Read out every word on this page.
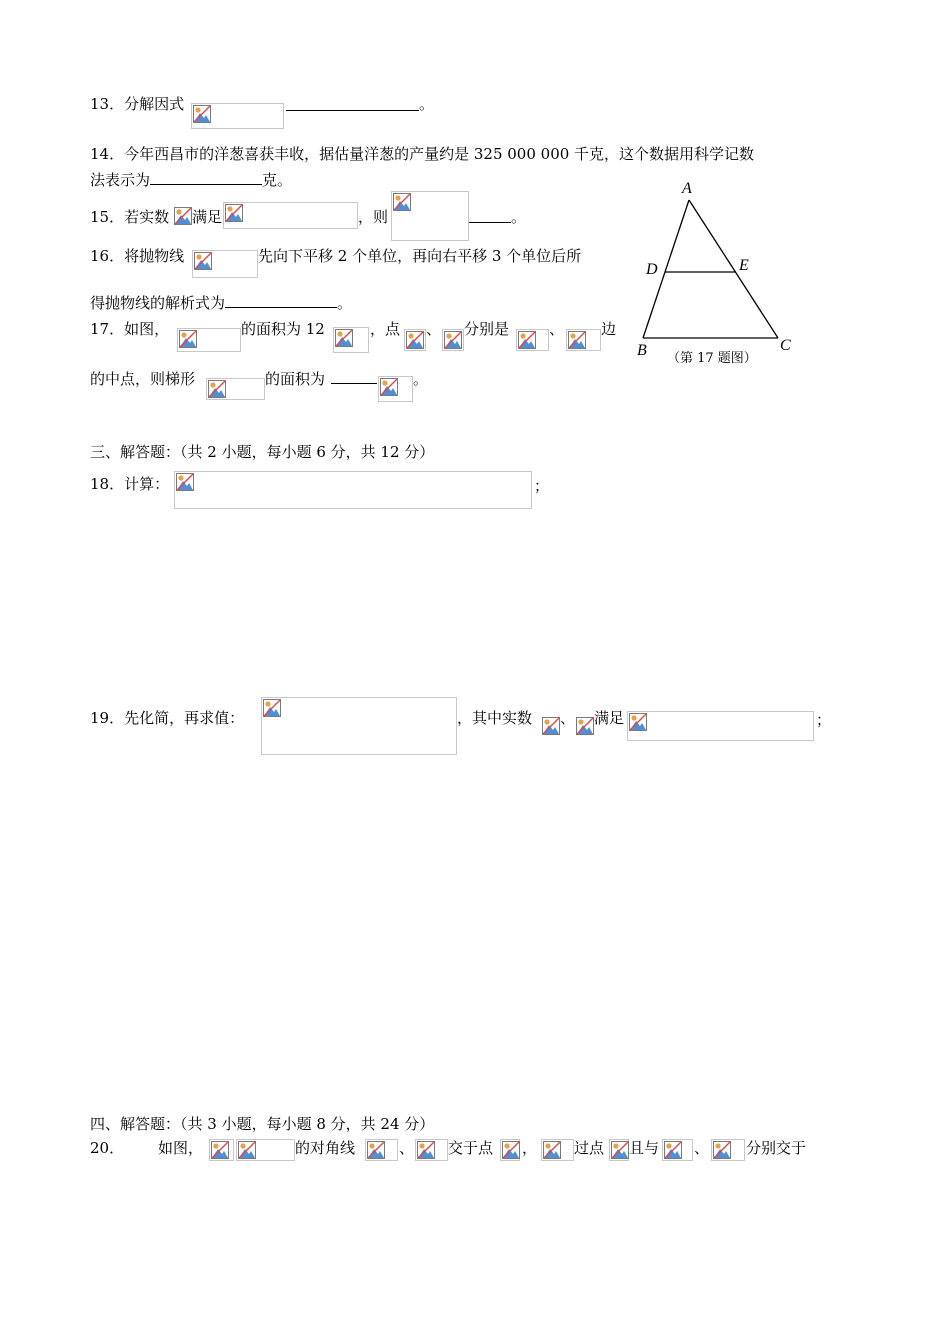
13．分解因式	。
14．今年西昌市的洋葱喜获丰收，据估量洋葱的产量约是 325 000 000 千克，这个数据用科学记数
法表示为	克。
15．若实数 满足	，则	。
16．将抛物线	先向下平移 2 个单位，再向右平移 3 个单位后所
得抛物线的解析式为	。
17．如图，	的面积为 12	，点 、 分别是	、 边
的中点，则梯形	的面积为	。
A
D	E
B	C
（第 17 题图）
三、解答题：（共 2 小题，每小题 6 分，共 12 分）
18．计算：	；
19．先化简，再求值：	，其中实数 、 满足	；
四、解答题：（共 3 小题，每小题 8 分，共 24 分）
20． 如图，	的对角线	、 交于点 ， 过点 且与 、 分别交于
